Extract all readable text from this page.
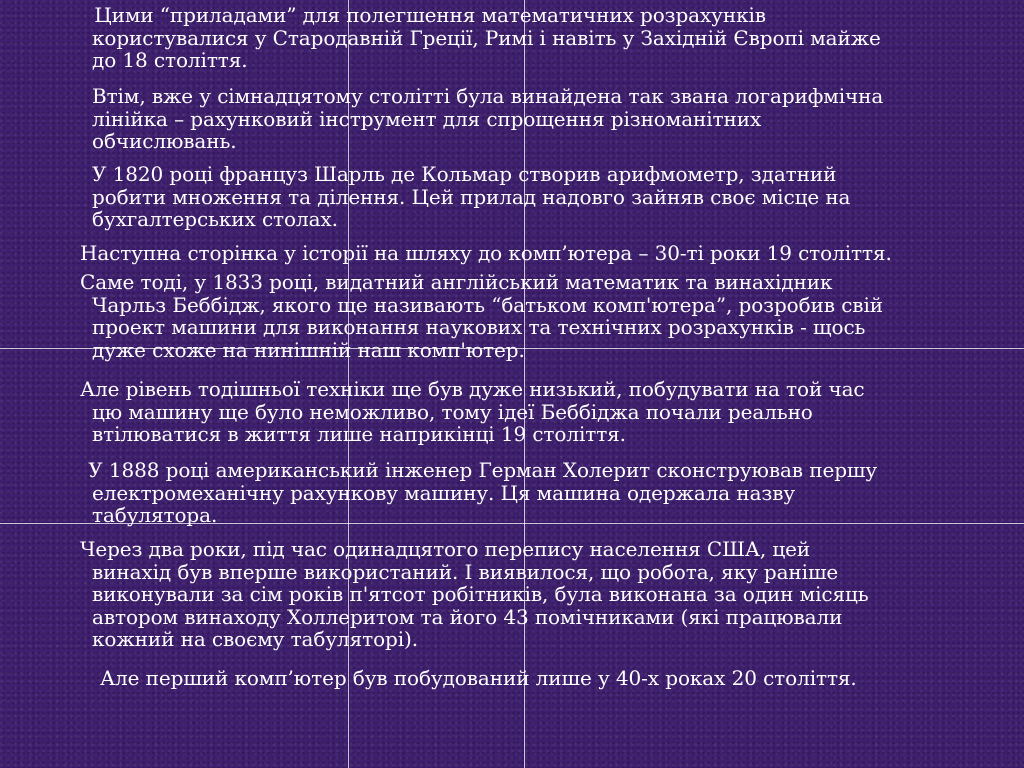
Цими “приладами” для полегшення математичних розрахунків
користувалися у Стародавній Греції, Римі і навіть у Західній Європі майже
до 18 століття.

Втім, вже у сімнадцятому столітті була винайдена так звана логарифмічна
лінійка – рахунковий інструмент для спрощення різноманітних
обчислювань.

У 1820 році француз Шарль де Кольмар створив арифмометр, здатний
робити множення та ділення. Цей прилад надовго зайняв своє місце на
бухгалтерських столах.

Наступна сторінка у історії на шляху до комп’ютера – 30-ті роки 19 століття.

Саме тоді, у 1833 році, видатний англійський математик та винахідник
Чарльз Беббідж, якого ще називають “батьком комп'ютера”, розробив свій
проект машини для виконання наукових та технічних розрахунків - щось
дуже схоже на нинішній наш комп'ютер.

Але рівень тодішньої техніки ще був дуже низький, побудувати на той час
цю машину ще було неможливо, тому ідеї Беббіджа почали реально
втілюватися в життя лише наприкінці 19 століття.

У 1888 році американський інженер Герман Холерит сконструював першу
електромеханічну рахункову машину. Ця машина одержала назву
табулятора.

Через два роки, під час одинадцятого перепису населення США, цей
винахід був вперше використаний. І виявилося, що робота, яку раніше
виконували за сім років п'ятсот робітників, була виконана за один місяць
автором винаходу Холлеритом та його 43 помічниками (які працювали
кожний на своєму табуляторі).

Але перший комп’ютер був побудований лише у 40-х роках 20 століття.
